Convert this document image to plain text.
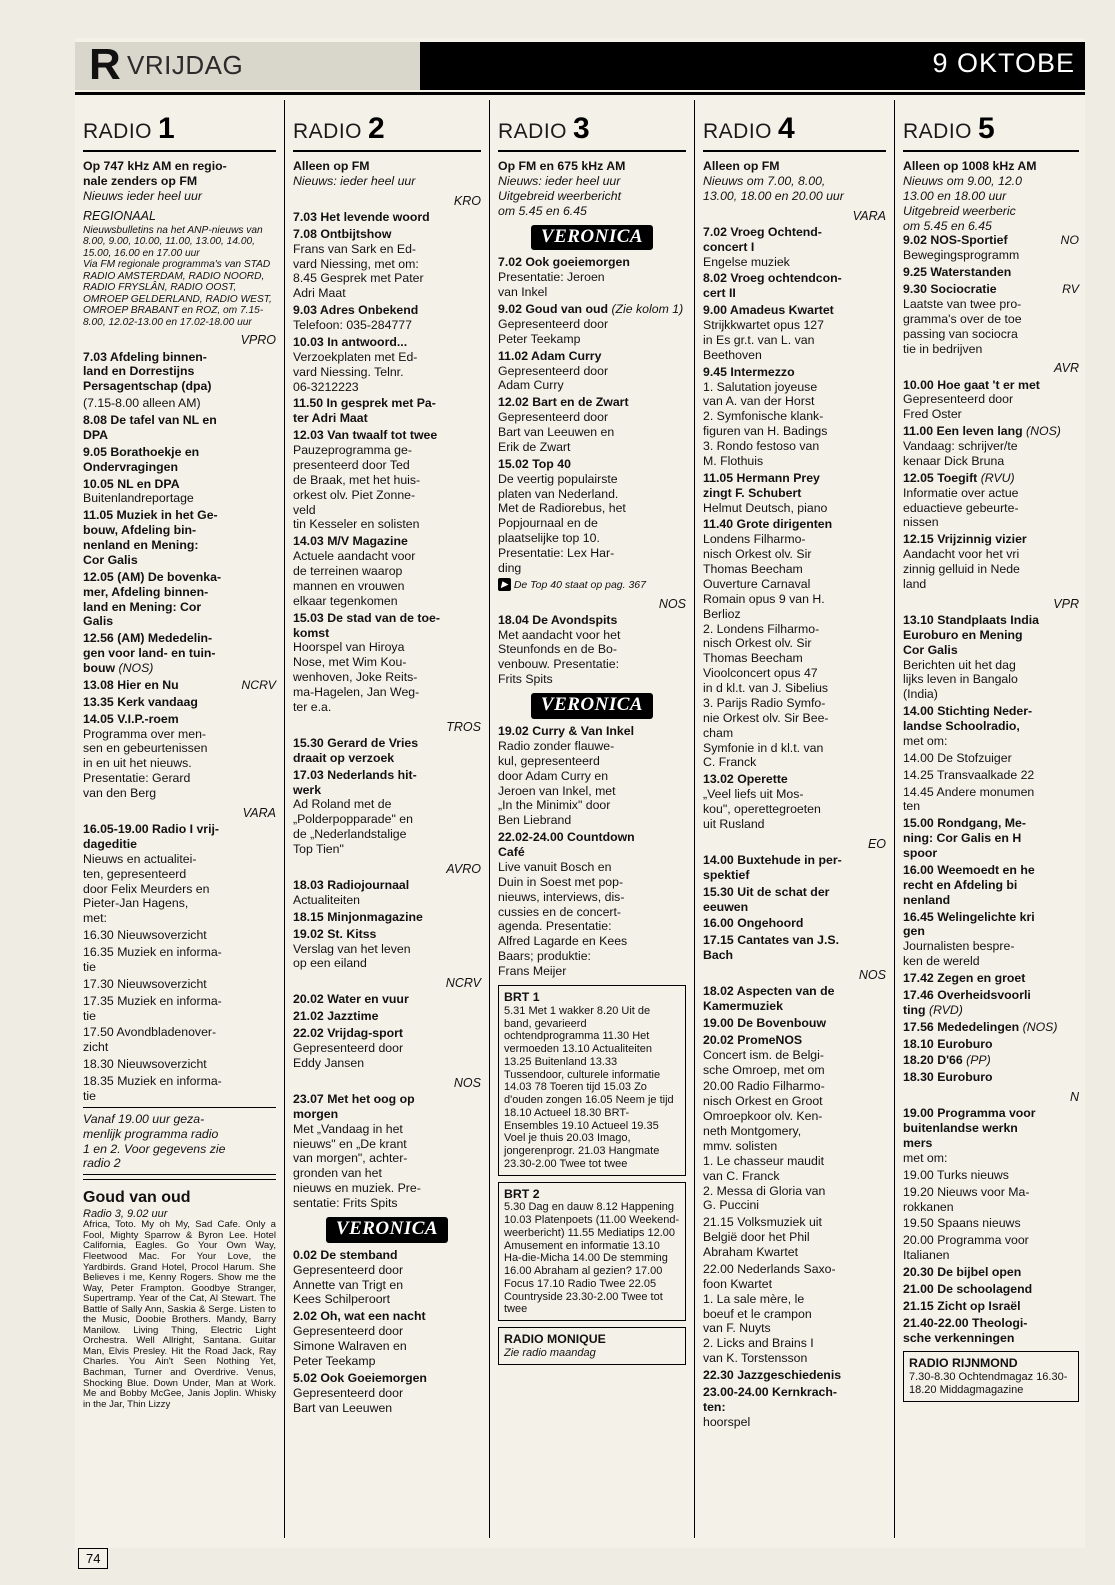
R VRIJDAG	9 OKTOBE
RADIO 1
Op 747 kHz AM en regio-
nale zenders op FM
Nieuws ieder heel uur
REGIONAAL
Nieuwsbulletins na het ANP-nieuws van 8.00, 9.00, 10.00, 11.00, 13.00, 14.00, 15.00, 16.00 en 17.00 uur
Via FM regionale programma's van STAD RADIO AMSTERDAM, RADIO NOORD, RADIO FRYSLÂN, RADIO OOST, OMROEP GELDERLAND, RADIO WEST, OMROEP BRABANT en ROZ, om 7.15-8.00, 12.02-13.00 en 17.02-18.00 uur
VPRO
7.03 Afdeling binnen-
land en Dorrestijns
Persagentschap (dpa)
(7.15-8.00 alleen AM)
8.08 De tafel van NL en
DPA
9.05 Borathoekje en
Ondervragingen
10.05 NL en DPA
Buitenlandreportage
11.05 Muziek in het Ge-
bouw, Afdeling bin-
nenland en Mening:
Cor Galis
12.05 (AM) De bovenka-
mer, Afdeling binnen-
land en Mening: Cor
Galis
12.56 (AM) Mededelin-
gen voor land- en tuin-
bouw (NOS)
13.08 Hier en Nu	NCRV
13.35 Kerk vandaag
14.05 V.I.P.-roem
Programma over men-
sen en gebeurtenissen
in en uit het nieuws.
Presentatie: Gerard
van den Berg
VARA
16.05-19.00 Radio I vrij-
dageditie
Nieuws en actualitei-
ten, gepresenteerd
door Felix Meurders en
Pieter-Jan Hagens,
met:
16.30 Nieuwsoverzicht
16.35 Muziek en informa-
tie
17.30 Nieuwsoverzicht
17.35 Muziek en informa-
tie
17.50 Avondbladenover-
zicht
18.30 Nieuwsoverzicht
18.35 Muziek en informa-
tie
Vanaf 19.00 uur geza-
menlijk programma radio
1 en 2. Voor gegevens zie
radio 2
Goud van oud
Radio 3, 9.02 uur
Africa, Toto. My oh My, Sad Cafe. Only a Fool, Mighty Sparrow & Byron Lee. Hotel California, Eagles. Go Your Own Way, Fleetwood Mac. For Your Love, the Yardbirds. Grand Hotel, Procol Harum. She Believes i me, Kenny Rogers. Show me the Way, Peter Frampton. Goodbye Stranger, Supertramp. Year of the Cat, Al Stewart. The Battle of Sally Ann, Saskia & Serge. Listen to the Music, Doobie Brothers. Mandy, Barry Manilow. Living Thing, Electric Light Orchestra. Well Allright, Santana. Guitar Man, Elvis Presley. Hit the Road Jack, Ray Charles. You Ain't Seen Nothing Yet, Bachman, Turner and Overdrive. Venus, Shocking Blue. Down Under, Man at Work. Me and Bobby McGee, Janis Joplin. Whisky in the Jar, Thin Lizzy
RADIO 2
Alleen op FM
Nieuws: ieder heel uur
KRO
7.03 Het levende woord
7.08 Ontbijtshow
Frans van Sark en Ed-
vard Niessing, met om:
8.45 Gesprek met Pater
Adri Maat
9.03 Adres Onbekend
Telefoon: 035-284777
10.03 In antwoord...
Verzoekplaten met Ed-
vard Niessing. Telnr.
06-3212223
11.50 In gesprek met Pa-
ter Adri Maat
12.03 Van twaalf tot twee
Pauzeprogramma ge-
presenteerd door Ted
de Braak, met het huis-
orkest olv. Piet Zonne-
veld
tin Kesseler en solisten
14.03 M/V Magazine
Actuele aandacht voor
de terreinen waarop
mannen en vrouwen
elkaar tegenkomen
15.03 De stad van de toe-
komst
Hoorspel van Hiroya
Nose, met Wim Kou-
wenhoven, Joke Reits-
ma-Hagelen, Jan Weg-
ter e.a.
TROS
15.30 Gerard de Vries
draait op verzoek
17.03 Nederlands hit-
werk
Ad Roland met de
„Polderpopparade" en
de „Nederlandstalige
Top Tien"
AVRO
18.03 Radiojournaal
Actualiteiten
18.15 Minjonmagazine
19.02 St. Kitss
Verslag van het leven
op een eiland
NCRV
20.02 Water en vuur
21.02 Jazztime
22.02 Vrijdag-sport
Gepresenteerd door
Eddy Jansen
NOS
23.07 Met het oog op
morgen
Met „Vandaag in het
nieuws" en „De krant
van morgen", achter-
gronden van het
nieuws en muziek. Pre-
sentatie: Frits Spits
VERONICA
0.02 De stemband
Gepresenteerd door
Annette van Trigt en
Kees Schilperoort
2.02 Oh, wat een nacht
Gepresenteerd door
Simone Walraven en
Peter Teekamp
5.02 Ook Goeiemorgen
Gepresenteerd door
Bart van Leeuwen
RADIO 3
Op FM en 675 kHz AM
Nieuws: ieder heel uur
Uitgebreid weerbericht
om 5.45 en 6.45
VERONICA
7.02 Ook goeiemorgen
Presentatie: Jeroen
van Inkel
9.02 Goud van oud (Zie kolom 1)
Gepresenteerd door
Peter Teekamp
11.02 Adam Curry
Gepresenteerd door
Adam Curry
12.02 Bart en de Zwart
Gepresenteerd door
Bart van Leeuwen en
Erik de Zwart
15.02 Top 40
De veertig populairste
platen van Nederland.
Met de Radiorebus, het
Popjournaal en de
plaatselijke top 10.
Presentatie: Lex Har-
ding
▶ De Top 40 staat op pag. 367
NOS
18.04 De Avondspits
Met aandacht voor het
Steunfonds en de Bo-
venbouw. Presentatie:
Frits Spits
VERONICA
19.02 Curry & Van Inkel
Radio zonder flauwe-
kul, gepresenteerd
door Adam Curry en
Jeroen van Inkel, met
„In the Minimix" door
Ben Liebrand
22.02-24.00 Countdown
Café
Live vanuit Bosch en
Duin in Soest met pop-
nieuws, interviews, dis-
cussies en de concert-
agenda. Presentatie:
Alfred Lagarde en Kees
Baars; produktie:
Frans Meijer
BRT 1
5.31 Met 1 wakker 8.20 Uit de band, gevarieerd ochtendprogramma 11.30 Het vermoeden 13.10 Actualiteiten 13.25 Buitenland 13.33 Tussendoor, culturele informatie 14.03 78 Toeren tijd 15.03 Zo d'ouden zongen 16.05 Neem je tijd 18.10 Actueel 18.30 BRT-Ensembles 19.10 Actueel 19.35 Voel je thuis 20.03 Imago, jongerenprogr. 21.03 Hangmate 23.30-2.00 Twee tot twee
BRT 2
5.30 Dag en dauw 8.12 Happening 10.03 Platenpoets (11.00 Weekend-weerbericht) 11.55 Mediatips 12.00 Amusement en informatie 13.10 Ha-die-Micha 14.00 De stemming 16.00 Abraham al gezien? 17.00 Focus 17.10 Radio Twee 22.05 Countryside 23.30-2.00 Twee tot twee
RADIO MONIQUE
Zie radio maandag
RADIO 4
Alleen op FM
Nieuws om 7.00, 8.00,
13.00, 18.00 en 20.00 uur
VARA
7.02 Vroeg Ochtend-
concert I
Engelse muziek
8.02 Vroeg ochtendcon-
cert II
9.00 Amadeus Kwartet
Strijkkwartet opus 127
in Es gr.t. van L. van
Beethoven
9.45 Intermezzo
1. Salutation joyeuse
van A. van der Horst
2. Symfonische klank-
figuren van H. Badings
3. Rondo festoso van
M. Flothuis
11.05 Hermann Prey
zingt F. Schubert
Helmut Deutsch, piano
11.40 Grote dirigenten
Londens Filharmo-
nisch Orkest olv. Sir
Thomas Beecham
Ouverture Carnaval
Romain opus 9 van H.
Berlioz
2. Londens Filharmo-
nisch Orkest olv. Sir
Thomas Beecham
Vioolconcert opus 47
in d kl.t. van J. Sibelius
3. Parijs Radio Symfo-
nie Orkest olv. Sir Bee-
cham
Symfonie in d kl.t. van
C. Franck
13.02 Operette
„Veel liefs uit Mos-
kou", operettegroeten
uit Rusland
EO
14.00 Buxtehude in per-
spektief
15.30 Uit de schat der
eeuwen
16.00 Ongehoord
17.15 Cantates van J.S.
Bach
NOS
18.02 Aspecten van de
Kamermuziek
19.00 De Bovenbouw
20.02 PromeNOS
Concert ism. de Belgi-
sche Omroep, met om
20.00 Radio Filharmo-
nisch Orkest en Groot
Omroepkoor olv. Ken-
neth Montgomery,
mmv. solisten
1. Le chasseur maudit
van C. Franck
2. Messa di Gloria van
G. Puccini
21.15 Volksmuziek uit
België door het Phil
Abraham Kwartet
22.00 Nederlands Saxo-
foon Kwartet
1. La sale mère, le
boeuf et le crampon
van F. Nuyts
2. Licks and Brains I
van K. Torstensson
22.30 Jazzgeschiedenis
23.00-24.00 Kernkrach-
ten:
hoorspel
RADIO 5
Alleen op 1008 kHz AM
Nieuws om 9.00, 12.0
13.00 en 18.00 uur
Uitgebreid weerberic
om 5.45 en 6.45
9.02 NOS-Sportief	NO
Bewegingsprogramm
9.25 Waterstanden
9.30 Sociocratie	RV
Laatste van twee pro-
gramma's over de toe
passing van sociocra
tie in bedrijven
AVR
10.00 Hoe gaat 't er met
Gepresenteerd door
Fred Oster
11.00 Een leven lang (NOS)
Vandaag: schrijver/te
kenaar Dick Bruna
12.05 Toegift (RVU)
Informatie over actue
eduactieve gebeurte-
nissen
12.15 Vrijzinnig vizier
Aandacht voor het vri
zinnig gelluid in Nede
land
VPR
13.10 Standplaats India
Euroburo en Mening
Cor Galis
Berichten uit het dag
lijks leven in Bangalo
(India)
14.00 Stichting Neder-
landse Schoolradio,
met om:
14.00 De Stofzuiger
14.25 Transvaalkade 22
14.45 Andere monumen
ten
15.00 Rondgang, Me-
ning: Cor Galis en H
spoor
16.00 Weemoedt en he
recht en Afdeling bi
nenland
16.45 Welingelichte kri
gen
Journalisten bespre-
ken de wereld
17.42 Zegen en groet
17.46 Overheidsvoorli
ting (RVD)
17.56 Mededelingen (NOS)
18.10 Euroburo
18.20 D'66 (PP)
18.30 Euroburo
N
19.00 Programma voor
buitenlandse werkn
mers
met om:
19.00 Turks nieuws
19.20 Nieuws voor Ma-
rokkanen
19.50 Spaans nieuws
20.00 Programma voor
Italianen
20.30 De bijbel open
21.00 De schoolagend
21.15 Zicht op Israël
21.40-22.00 Theologi-
sche verkenningen
RADIO RIJNMOND
7.30-8.30 Ochtendmagaz 16.30-18.20 Middagmagazine
74
